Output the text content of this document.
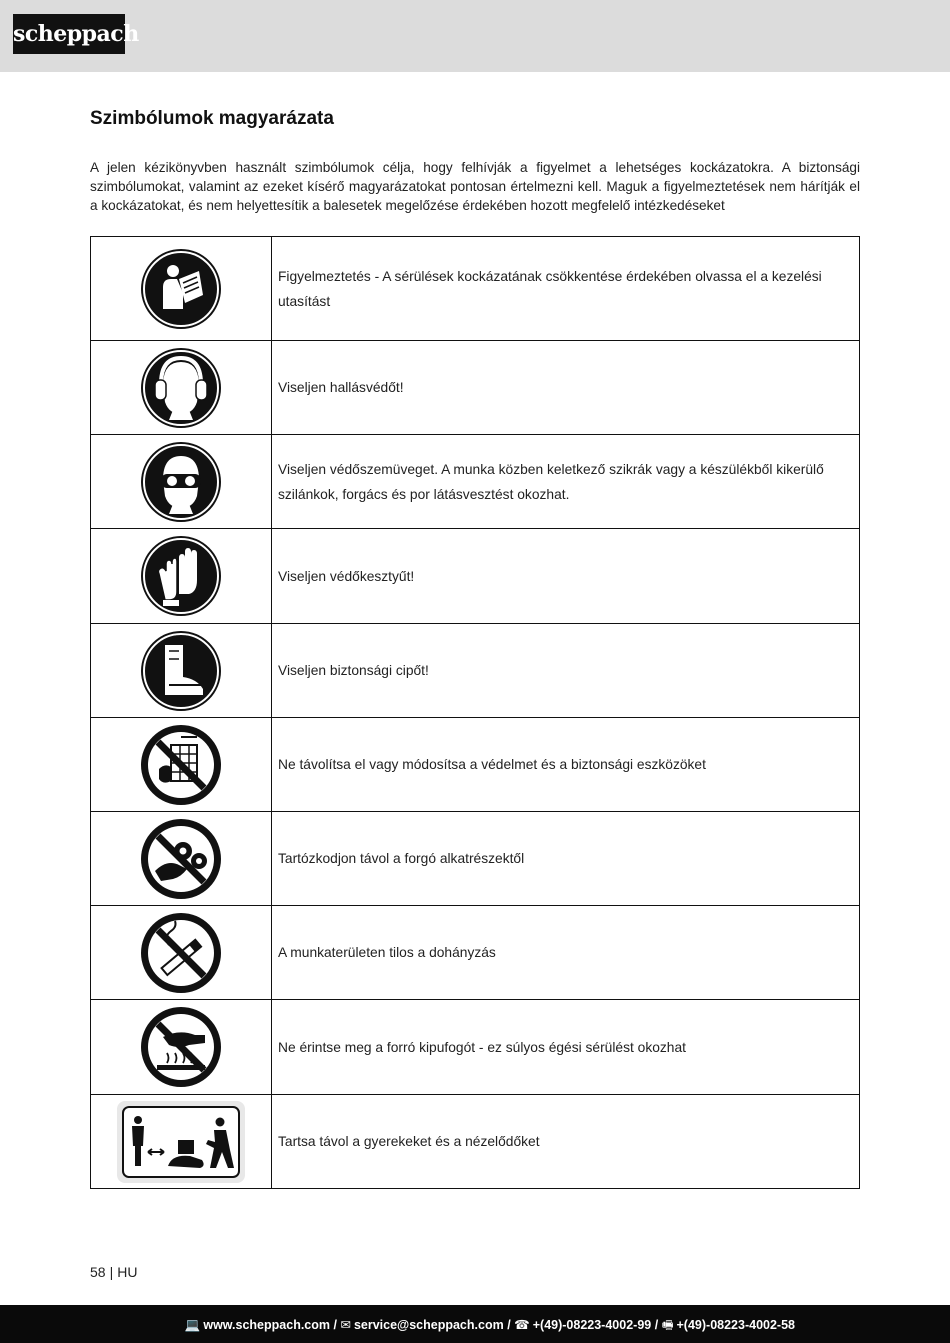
scheppach
Szimbólumok magyarázata
A jelen kézikönyvben használt szimbólumok célja, hogy felhívják a figyelmet a lehetséges kockázatokra. A biztonsági szimbólumokat, valamint az ezeket kísérő magyarázatokat pontosan értelmezni kell. Maguk a figyelmeztetések nem hárítják el a kockázatokat, és nem helyettesítik a balesetek megelőzése érdekében hozott megfelelő intézkedéseket
	Figyelmeztetés - A sérülések kockázatának csökkentése érdekében olvassa el a kezelési utasítást

	Viseljen hallásvédőt!

	Viseljen védőszemüveget. A munka közben keletkező szikrák vagy a készülékből kikerülő szilánkok, forgács és por látásvesztést okozhat.

	Viseljen védőkesztyűt!

	Viseljen biztonsági cipőt!

	Ne távolítsa el vagy módosítsa a védelmet és a biztonsági eszközöket

	Tartózkodjon távol a forgó alkatrészektől

	A munkaterületen tilos a dohányzás

	Ne érintse meg a forró kipufogót - ez súlyos égési sérülést okozhat

	Tartsa távol a gyerekeket és a nézelődőket
58 | HU
💻 www.scheppach.com / ✉ service@scheppach.com / ☎ +(49)-08223-4002-99 / 🖷 +(49)-08223-4002-58
